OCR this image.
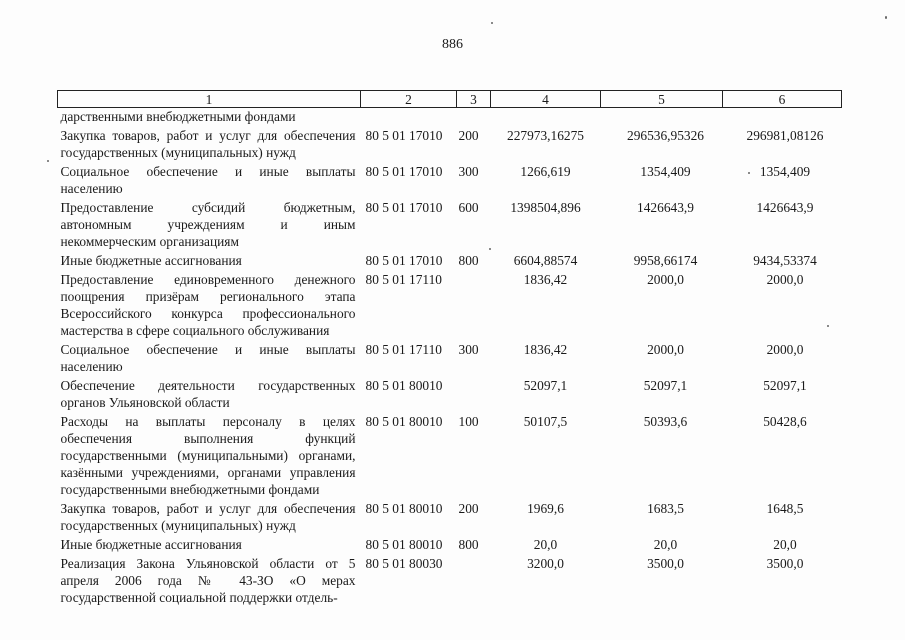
886
1	2	3	4	5	6
дарственными внебюджетными фондами					
Закупка товаров, работ и услуг для обеспечения государственных (муниципальных) нужд	80 5 01 17010	200	227973,16275	296536,95326	296981,08126
Социальное обеспечение и иные выплаты населению	80 5 01 17010	300	1266,619	1354,409	1354,409
Предоставление субсидий бюджетным, автономным учреждениям и иным некоммерческим организациям	80 5 01 17010	600	1398504,896	1426643,9	1426643,9
Иные бюджетные ассигнования	80 5 01 17010	800	6604,88574	9958,66174	9434,53374
Предоставление единовременного денежного поощрения призёрам регионального этапа Всероссийского конкурса профессионального мастерства в сфере социального обслуживания	80 5 01 17110		1836,42	2000,0	2000,0
Социальное обеспечение и иные выплаты населению	80 5 01 17110	300	1836,42	2000,0	2000,0
Обеспечение деятельности государственных органов Ульяновской области	80 5 01 80010		52097,1	52097,1	52097,1
Расходы на выплаты персоналу в целях обеспечения выполнения функций государственными (муниципальными) органами, казёнными учреждениями, органами управления государственными внебюджетными фондами	80 5 01 80010	100	50107,5	50393,6	50428,6
Закупка товаров, работ и услуг для обеспечения государственных (муниципальных) нужд	80 5 01 80010	200	1969,6	1683,5	1648,5
Иные бюджетные ассигнования	80 5 01 80010	800	20,0	20,0	20,0
Реализация Закона Ульяновской области от 5 апреля 2006 года № 43-ЗО «О мерах государственной социальной поддержки отдель-	80 5 01 80030		3200,0	3500,0	3500,0
